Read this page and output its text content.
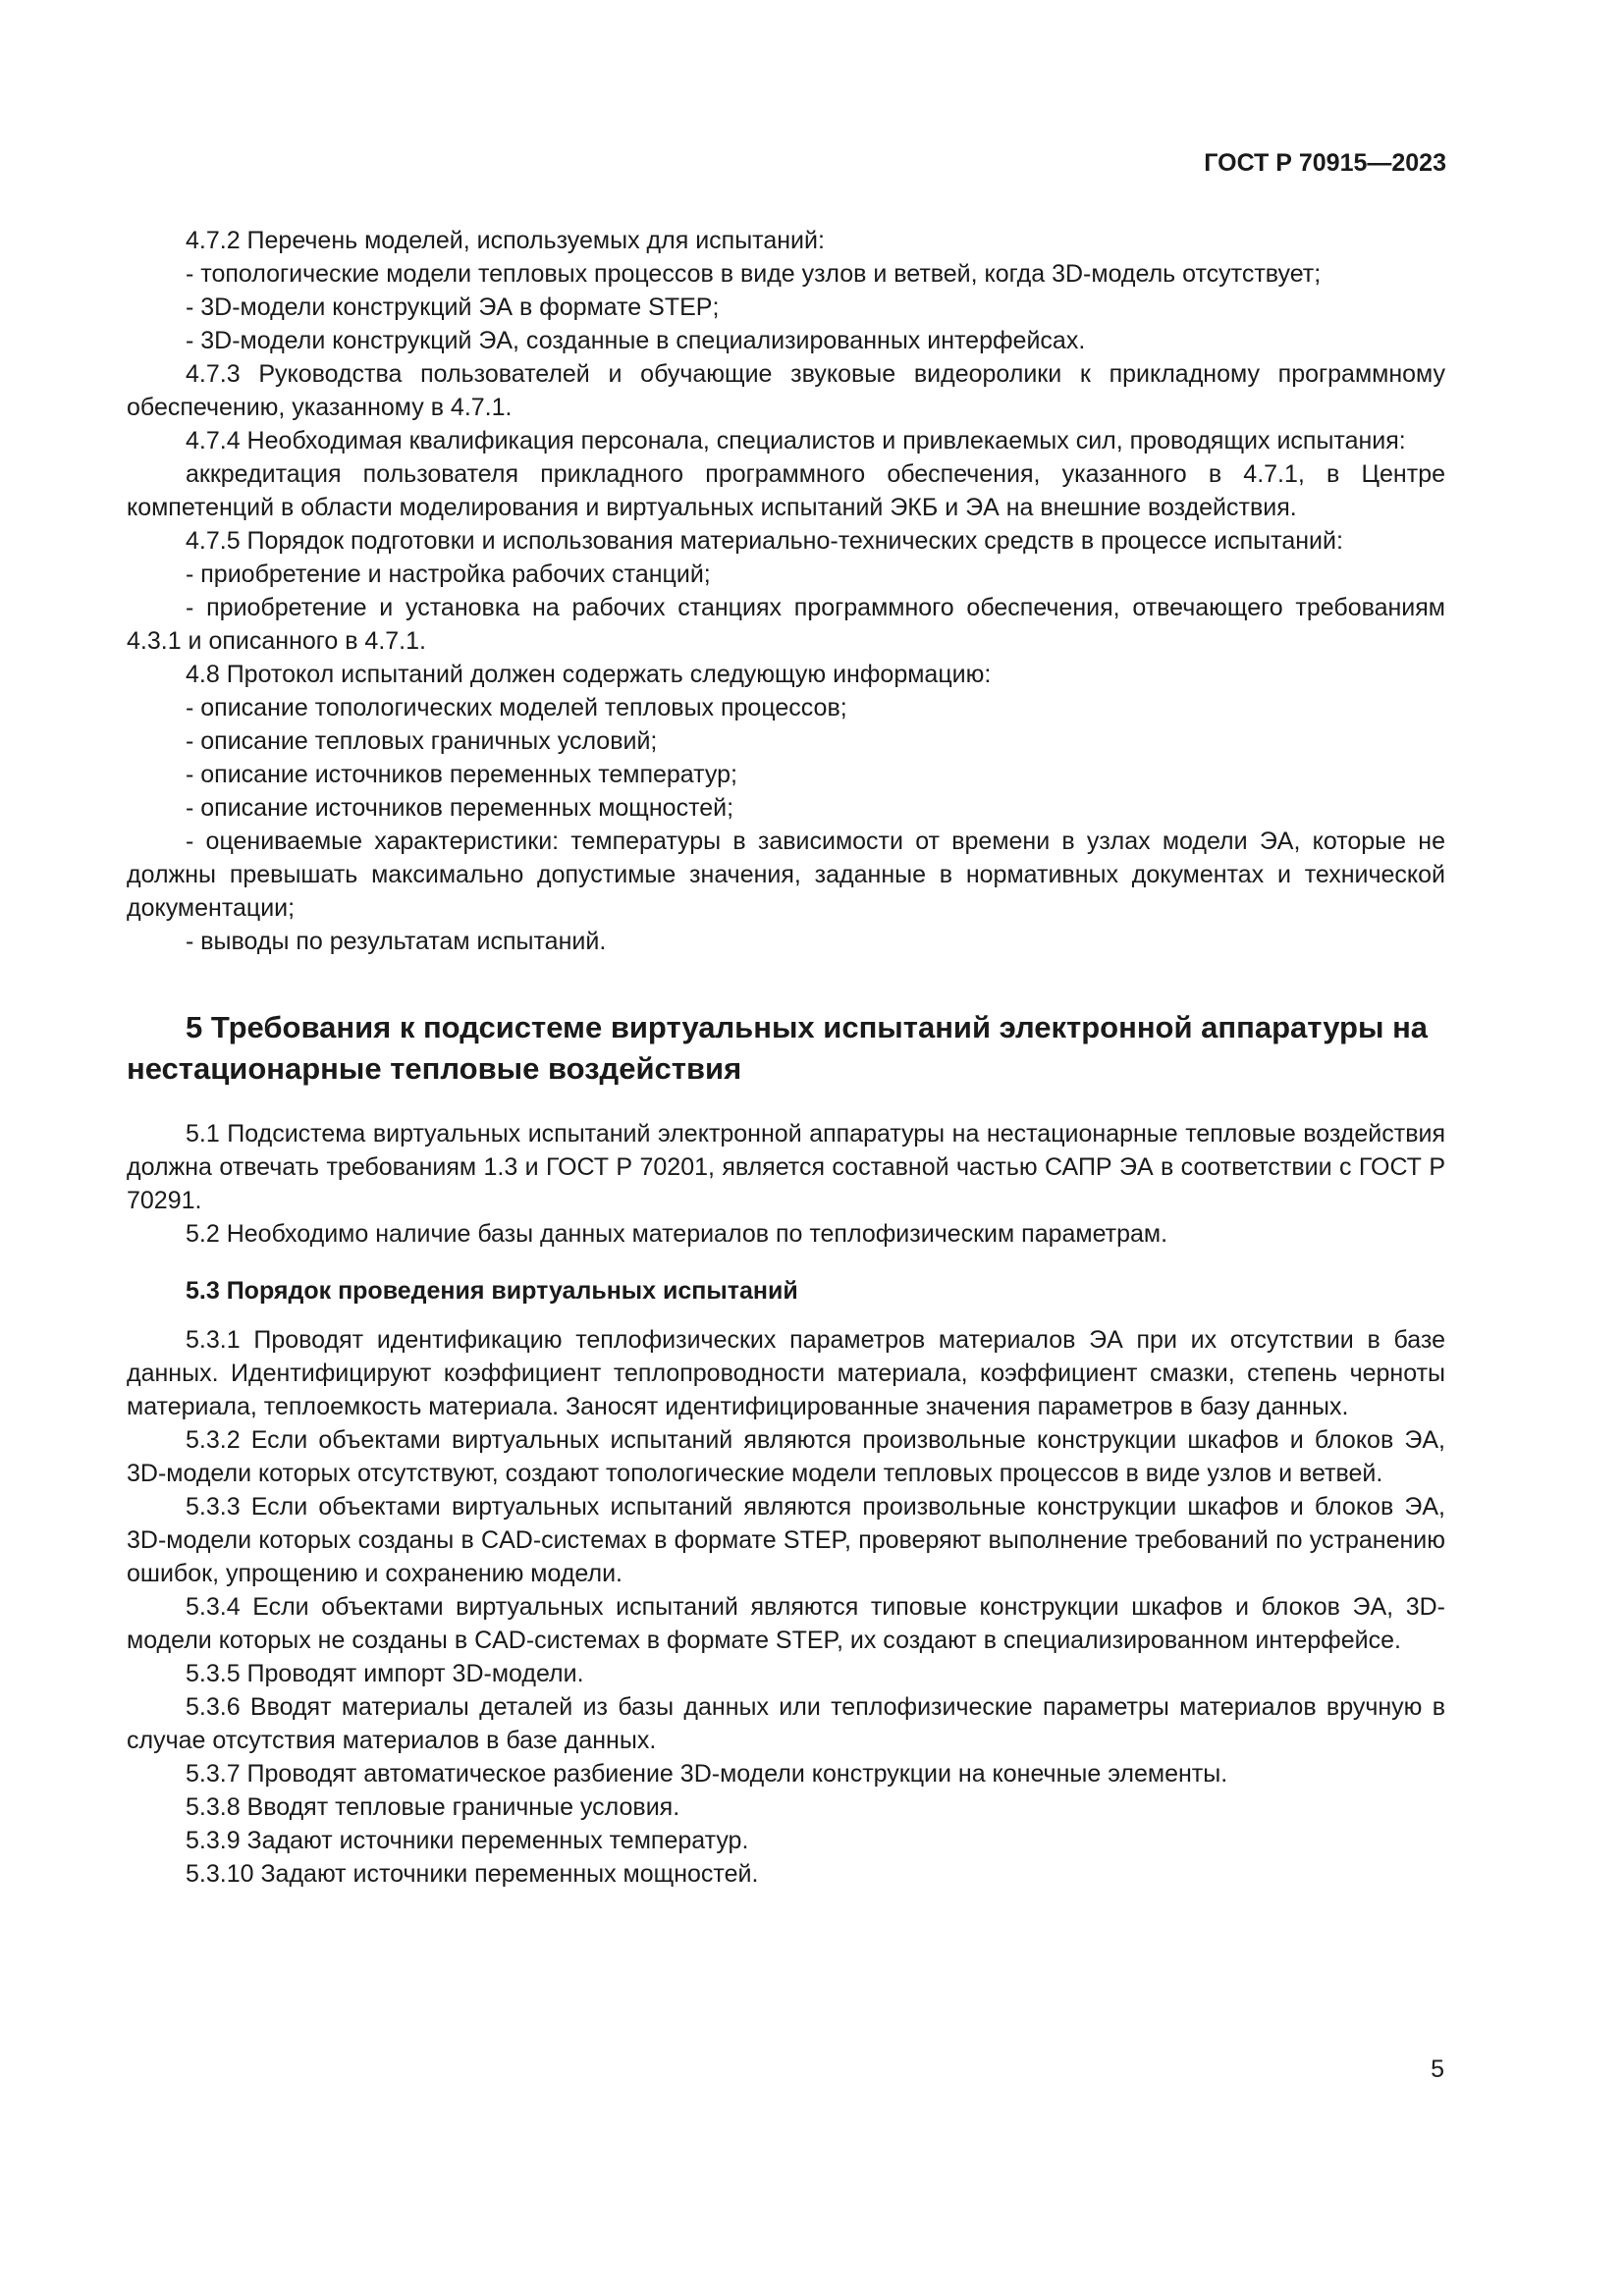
ГОСТ Р 70915—2023

4.7.2 Перечень моделей, используемых для испытаний:

- топологические модели тепловых процессов в виде узлов и ветвей, когда 3D-модель отсутствует;

- 3D-модели конструкций ЭА в формате STEP;

- 3D-модели конструкций ЭА, созданные в специализированных интерфейсах.

4.7.3 Руководства пользователей и обучающие звуковые видеоролики к прикладному программному обеспечению, указанному в 4.7.1.

4.7.4 Необходимая квалификация персонала, специалистов и привлекаемых сил, проводящих испытания:

аккредитация пользователя прикладного программного обеспечения, указанного в 4.7.1, в Центре компетенций в области моделирования и виртуальных испытаний ЭКБ и ЭА на внешние воздействия.

4.7.5 Порядок подготовки и использования материально-технических средств в процессе испытаний:

- приобретение и настройка рабочих станций;

- приобретение и установка на рабочих станциях программного обеспечения, отвечающего требованиям 4.3.1 и описанного в 4.7.1.

4.8 Протокол испытаний должен содержать следующую информацию:

- описание топологических моделей тепловых процессов;

- описание тепловых граничных условий;

- описание источников переменных температур;

- описание источников переменных мощностей;

- оцениваемые характеристики: температуры в зависимости от времени в узлах модели ЭА, которые не должны превышать максимально допустимые значения, заданные в нормативных документах и технической документации;

- выводы по результатам испытаний.

5 Требования к подсистеме виртуальных испытаний электронной аппаратуры на нестационарные тепловые воздействия

5.1 Подсистема виртуальных испытаний электронной аппаратуры на нестационарные тепловые воздействия должна отвечать требованиям 1.3 и ГОСТ Р 70201, является составной частью САПР ЭА в соответствии с ГОСТ Р 70291.

5.2 Необходимо наличие базы данных материалов по теплофизическим параметрам.

5.3 Порядок проведения виртуальных испытаний

5.3.1 Проводят идентификацию теплофизических параметров материалов ЭА при их отсутствии в базе данных. Идентифицируют коэффициент теплопроводности материала, коэффициент смазки, степень черноты материала, теплоемкость материала. Заносят идентифицированные значения параметров в базу данных.

5.3.2 Если объектами виртуальных испытаний являются произвольные конструкции шкафов и блоков ЭА, 3D-модели которых отсутствуют, создают топологические модели тепловых процессов в виде узлов и ветвей.

5.3.3 Если объектами виртуальных испытаний являются произвольные конструкции шкафов и блоков ЭА, 3D-модели которых созданы в CAD-системах в формате STEP, проверяют выполнение требований по устранению ошибок, упрощению и сохранению модели.

5.3.4 Если объектами виртуальных испытаний являются типовые конструкции шкафов и блоков ЭА, 3D-модели которых не созданы в CAD-системах в формате STEP, их создают в специализированном интерфейсе.

5.3.5 Проводят импорт 3D-модели.

5.3.6 Вводят материалы деталей из базы данных или теплофизические параметры материалов вручную в случае отсутствия материалов в базе данных.

5.3.7 Проводят автоматическое разбиение 3D-модели конструкции на конечные элементы.

5.3.8 Вводят тепловые граничные условия.

5.3.9 Задают источники переменных температур.

5.3.10 Задают источники переменных мощностей.

5
